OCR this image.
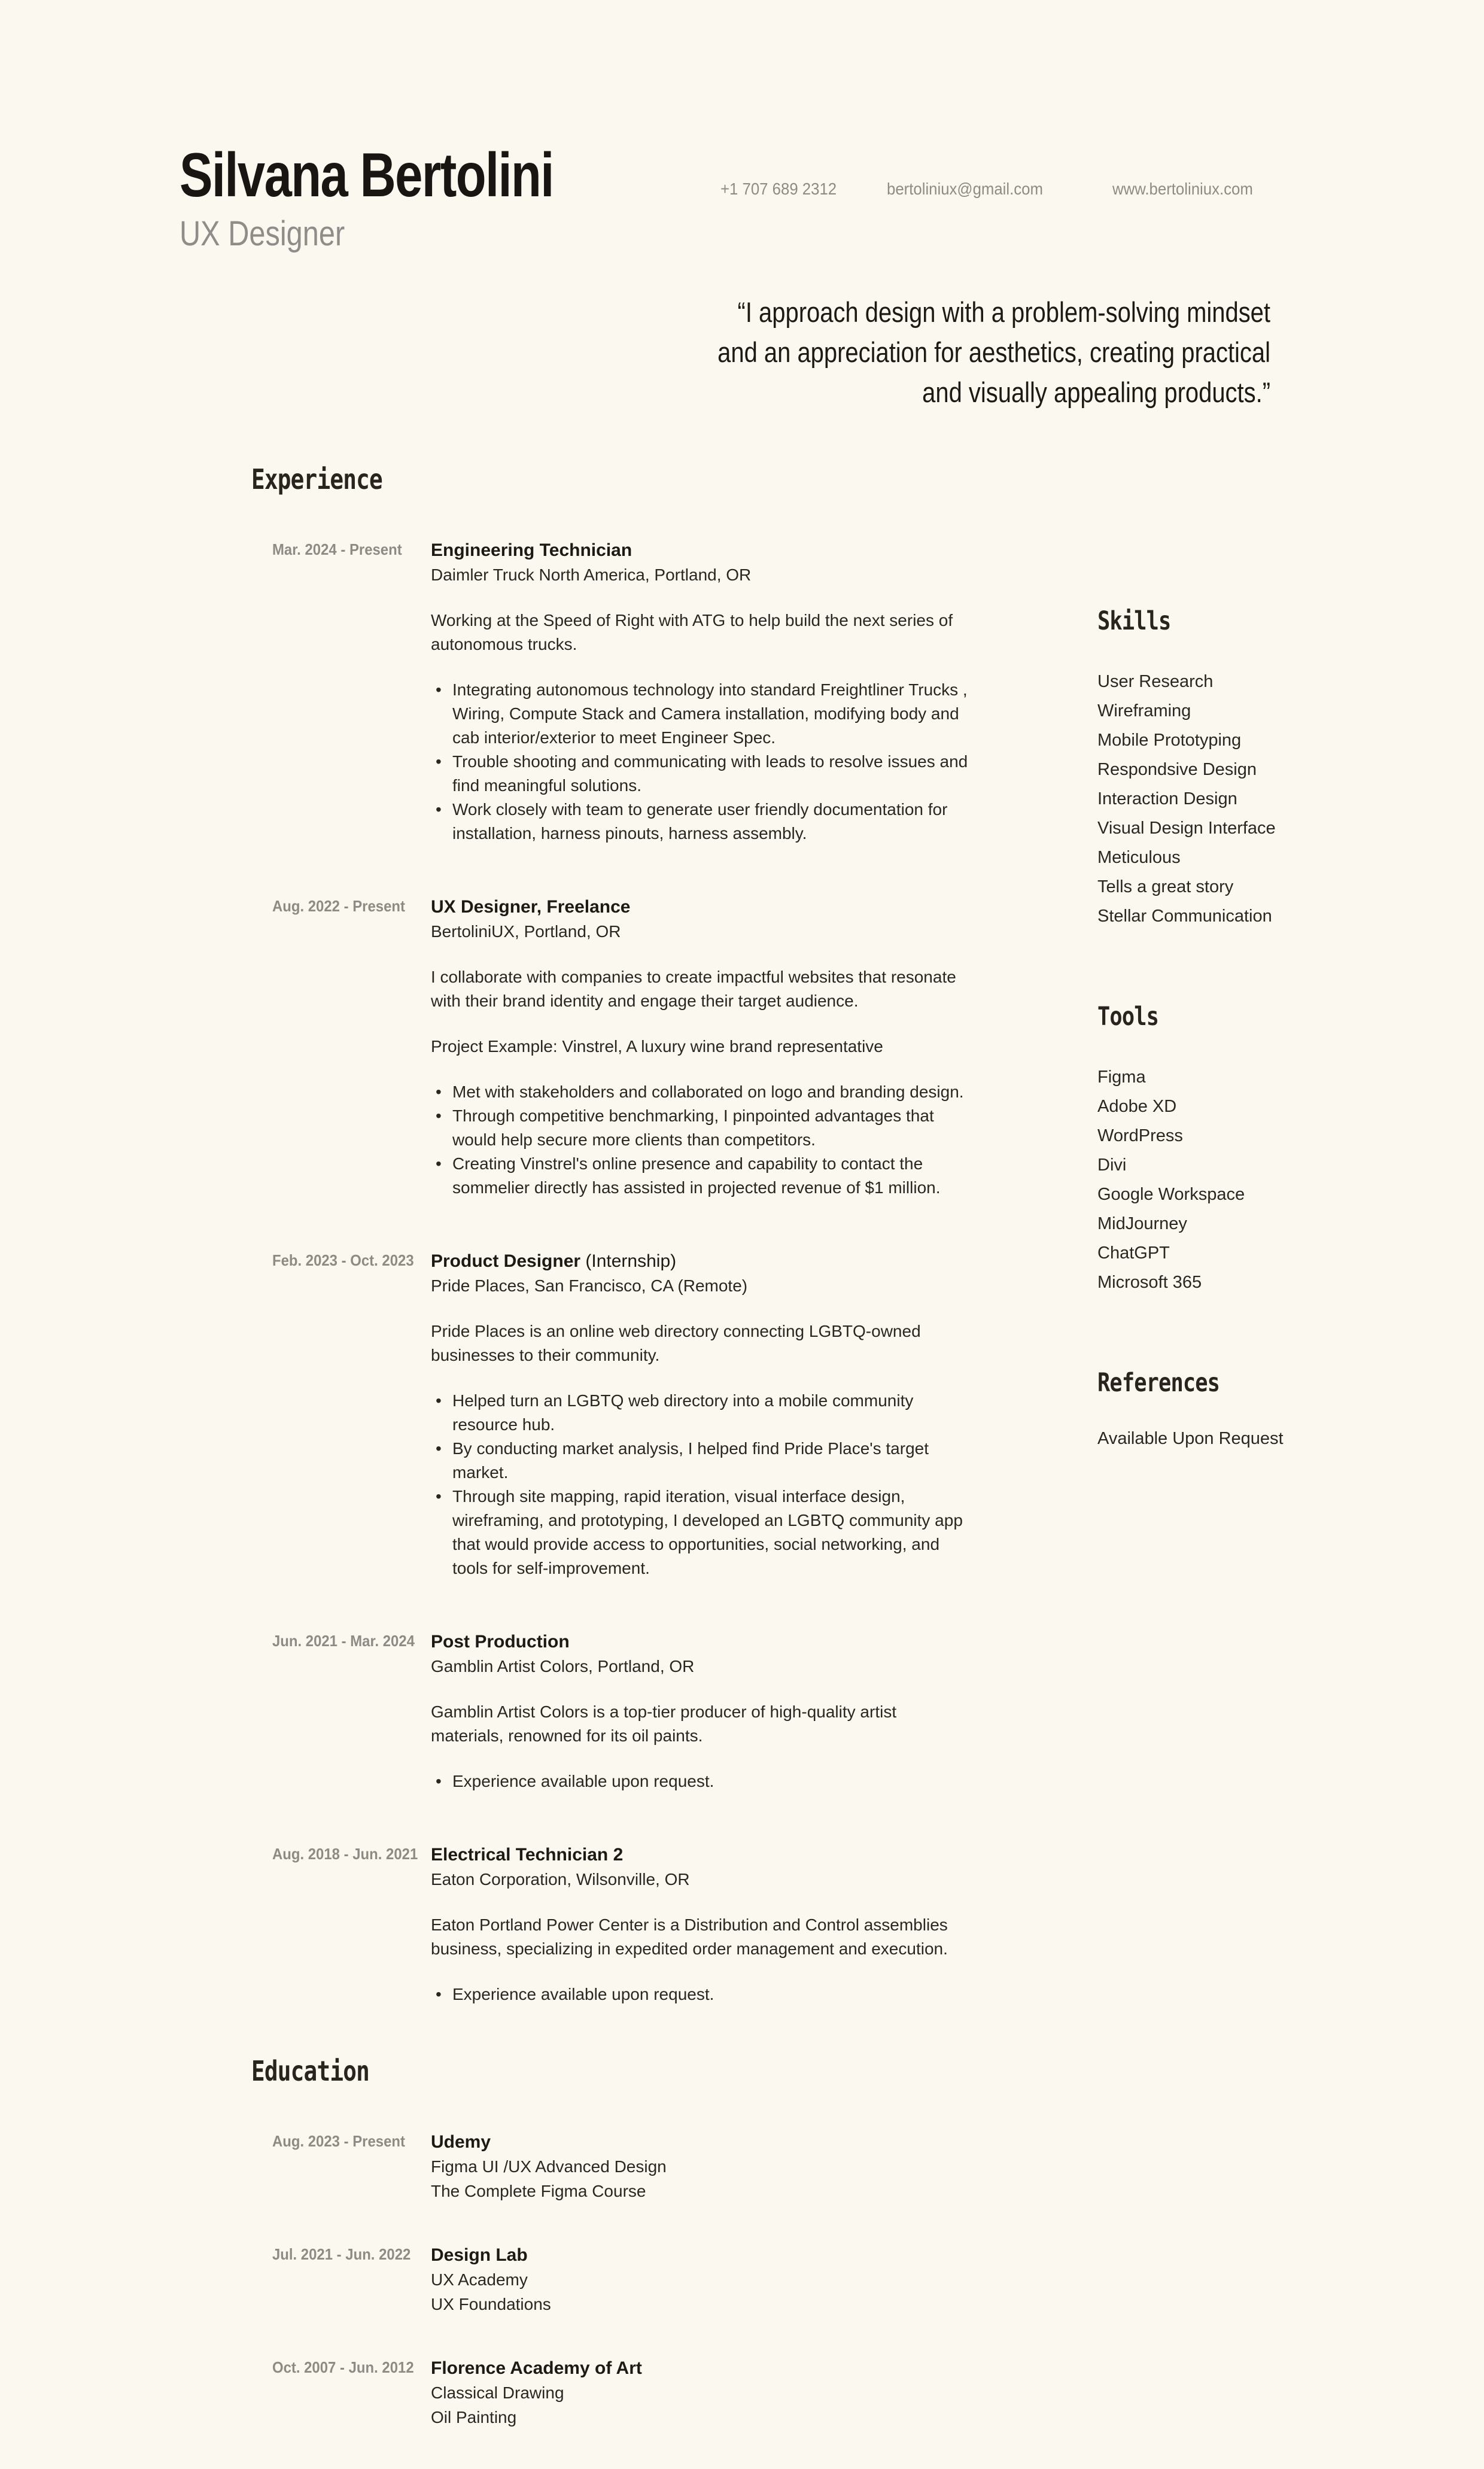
Silvana Bertolini
UX Designer
+1 707 689 2312	bertoliniux@gmail.com	www.bertoliniux.com
“I approach design with a problem-solving mindset
and an appreciation for aesthetics, creating practical
and visually appealing products.”
Experience
Mar. 2024 - Present	Engineering Technician
Daimler Truck North America, Portland, OR

Working at the Speed of Right with ATG to help build the next series of autonomous trucks.

• Integrating autonomous technology into standard Freightliner Trucks , Wiring, Compute Stack and Camera installation, modifying body and cab interior/exterior to meet Engineer Spec.
• Trouble shooting and communicating with leads to resolve issues and find meaningful solutions.
• Work closely with team to generate user friendly documentation for installation, harness pinouts, harness assembly.
Aug. 2022 - Present	UX Designer, Freelance
BertoliniUX, Portland, OR

I collaborate with companies to create impactful websites that resonate with their brand identity and engage their target audience.

Project Example: Vinstrel, A luxury wine brand representative

• Met with stakeholders and collaborated on logo and branding design.
• Through competitive benchmarking, I pinpointed advantages that would help secure more clients than competitors.
• Creating Vinstrel's online presence and capability to contact the sommelier directly has assisted in projected revenue of $1 million.
Feb. 2023 - Oct. 2023 Product Designer (Internship)
Pride Places, San Francisco, CA (Remote)

Pride Places is an online web directory connecting LGBTQ-owned businesses to their community.

• Helped turn an LGBTQ web directory into a mobile community resource hub.
• By conducting market analysis, I helped find Pride Place's target market.
• Through site mapping, rapid iteration, visual interface design, wireframing, and prototyping, I developed an LGBTQ community app that would provide access to opportunities, social networking, and tools for self-improvement.
Jun. 2021 - Mar. 2024 Post Production
Gamblin Artist Colors, Portland, OR

Gamblin Artist Colors is a top-tier producer of high-quality artist materials, renowned for its oil paints.

• Experience available upon request.
Aug. 2018 - Jun. 2021 Electrical Technician 2
Eaton Corporation, Wilsonville, OR

Eaton Portland Power Center is a Distribution and Control assemblies business, specializing in expedited order management and execution.

• Experience available upon request.
Education
Aug. 2023 - Present	Udemy
Figma UI /UX Advanced Design
The Complete Figma Course
Jul. 2021 - Jun. 2022	Design Lab
UX Academy
UX Foundations
Oct. 2007 - Jun. 2012 Florence Academy of Art
Classical Drawing
Oil Painting
Skills
User Research
Wireframing
Mobile Prototyping
Respondsive Design
Interaction Design
Visual Design Interface
Meticulous
Tells a great story
Stellar Communication
Tools
Figma
Adobe XD
WordPress
Divi
Google Workspace
MidJourney
ChatGPT
Microsoft 365
References
Available Upon Request
